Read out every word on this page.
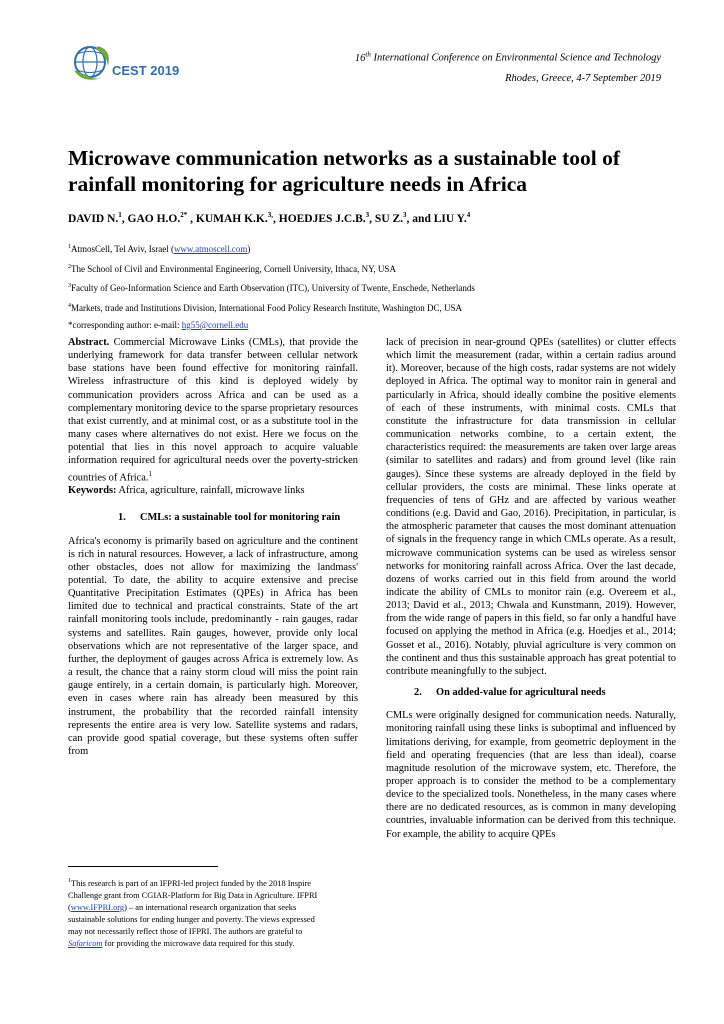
CEST 2019

16th International Conference on Environmental Science and Technology

Rhodes, Greece, 4-7 September 2019

Microwave communication networks as a sustainable tool of rainfall monitoring for agriculture needs in Africa
DAVID N.$^1$, GAO H.O.$^{2*}$ , KUMAH K.K.$^{3,}$, HOEDJES J.C.B.$^3$, SU Z.$^3$, and LIU Y.$^4$

$^1$AtmosCell, Tel Aviv, Israel (www.atmoscell.com)

$^2$The School of Civil and Environmental Engineering, Cornell University, Ithaca, NY, USA

$^3$Faculty of Geo-Information Science and Earth Observation (ITC), University of Twente, Enschede, Netherlands

$^4$Markets, trade and Institutions Division, International Food Policy Research Institute, Washington DC, USA

*corresponding author: e-mail: hg55@cornell.edu

Abstract. Commercial Microwave Links (CMLs), that provide the underlying framework for data transfer between cellular network base stations have been found effective for monitoring rainfall. Wireless infrastructure of this kind is deployed widely by communication providers across Africa and can be used as a complementary monitoring device to the sparse proprietary resources that exist currently, and at minimal cost, or as a substitute tool in the many cases where alternatives do not exist. Here we focus on the potential that lies in this novel approach to acquire valuable information required for agricultural needs over the poverty-stricken countries of Africa.$^1$

Keywords: Africa, agriculture, rainfall, microwave links

1. CMLs: a sustainable tool for monitoring rain

Africa's economy is primarily based on agriculture and the continent is rich in natural resources. However, a lack of infrastructure, among other obstacles, does not allow for maximizing the landmass' potential. To date, the ability to acquire extensive and precise Quantitative Precipitation Estimates (QPEs) in Africa has been limited due to technical and practical constraints. State of the art rainfall monitoring tools include, predominantly - rain gauges, radar systems and satellites. Rain gauges, however, provide only local observations which are not representative of the larger space, and further, the deployment of gauges across Africa is extremely low. As a result, the chance that a rainy storm cloud will miss the point rain gauge entirely, in a certain domain, is particularly high. Moreover, even in cases where rain has already been measured by this instrument, the probability that the recorded rainfall intensity represents the entire area is very low. Satellite systems and radars, can provide good spatial coverage, but these systems often suffer from

lack of precision in near-ground QPEs (satellites) or clutter effects which limit the measurement (radar, within a certain radius around it). Moreover, because of the high costs, radar systems are not widely deployed in Africa. The optimal way to monitor rain in general and particularly in Africa, should ideally combine the positive elements of each of these instruments, with minimal costs. CMLs that constitute the infrastructure for data transmission in cellular communication networks combine, to a certain extent, the characteristics required: the measurements are taken over large areas (similar to satellites and radars) and from ground level (like rain gauges). Since these systems are already deployed in the field by cellular providers, the costs are minimal. These links operate at frequencies of tens of GHz and are affected by various weather conditions (e.g. David and Gao, 2016). Precipitation, in particular, is the atmospheric parameter that causes the most dominant attenuation of signals in the frequency range in which CMLs operate. As a result, microwave communication systems can be used as wireless sensor networks for monitoring rainfall across Africa. Over the last decade, dozens of works carried out in this field from around the world indicate the ability of CMLs to monitor rain (e.g. Overeem et al., 2013; David et al., 2013; Chwala and Kunstmann, 2019). However, from the wide range of papers in this field, so far only a handful have focused on applying the method in Africa (e.g. Hoedjes et al., 2014; Gosset et al., 2016). Notably, pluvial agriculture is very common on the continent and thus this sustainable approach has great potential to contribute meaningfully to the subject.

2. On added-value for agricultural needs

CMLs were originally designed for communication needs. Naturally, monitoring rainfall using these links is suboptimal and influenced by limitations deriving, for example, from geometric deployment in the field and operating frequencies (that are less than ideal), coarse magnitude resolution of the microwave system, etc. Therefore, the proper approach is to consider the method to be a complementary device to the specialized tools. Nonetheless, in the many cases where there are no dedicated resources, as is common in many developing countries, invaluable information can be derived from this technique. For example, the ability to acquire QPEs

$^1$This research is part of an IFPRI-led project funded by the 2018 Inspire Challenge grant from CGIAR-Platform for Big Data in Agriculture. IFPRI (www.IFPRI.org) – an international research organization that seeks sustainable solutions for ending hunger and poverty. The views expressed may not necessarily reflect those of IFPRI. The authors are grateful to Safaricom for providing the microwave data required for this study.
